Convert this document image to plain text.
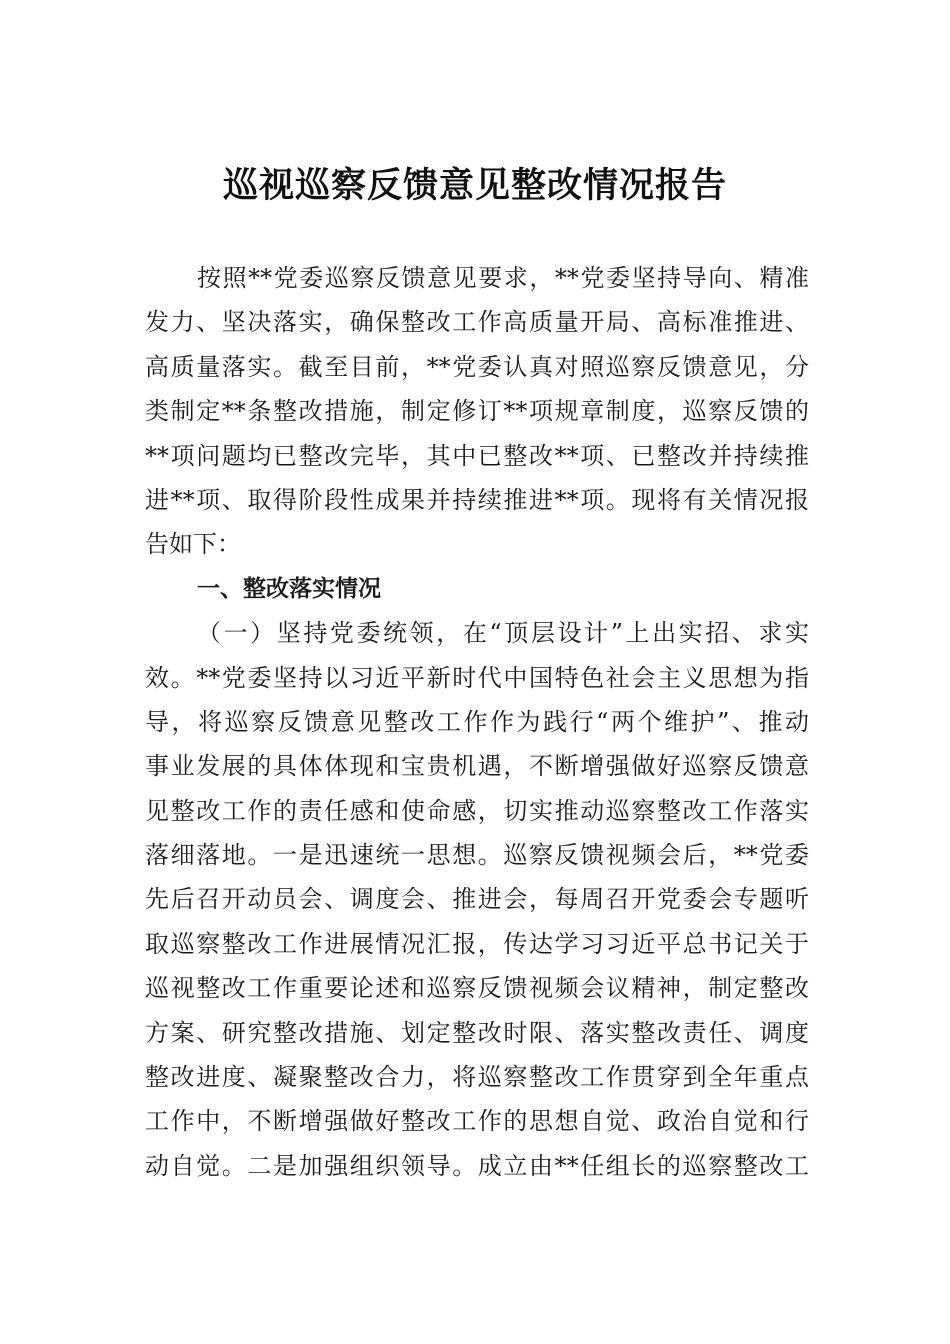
巡视巡察反馈意见整改情况报告
按照**党委巡察反馈意见要求，**党委坚持导向、精准
发力、坚决落实，确保整改工作高质量开局、高标准推进、
高质量落实。截至目前，**党委认真对照巡察反馈意见，分
类制定**条整改措施，制定修订**项规章制度，巡察反馈的
**项问题均已整改完毕，其中已整改**项、已整改并持续推
进**项、取得阶段性成果并持续推进**项。现将有关情况报
告如下：
一、整改落实情况
（一）坚持党委统领，在“顶层设计”上出实招、求实
效。**党委坚持以习近平新时代中国特色社会主义思想为指
导，将巡察反馈意见整改工作作为践行“两个维护”、推动
事业发展的具体体现和宝贵机遇，不断增强做好巡察反馈意
见整改工作的责任感和使命感，切实推动巡察整改工作落实
落细落地。一是迅速统一思想。巡察反馈视频会后，**党委
先后召开动员会、调度会、推进会，每周召开党委会专题听
取巡察整改工作进展情况汇报，传达学习习近平总书记关于
巡视整改工作重要论述和巡察反馈视频会议精神，制定整改
方案、研究整改措施、划定整改时限、落实整改责任、调度
整改进度、凝聚整改合力，将巡察整改工作贯穿到全年重点
工作中，不断增强做好整改工作的思想自觉、政治自觉和行
动自觉。二是加强组织领导。成立由**任组长的巡察整改工
